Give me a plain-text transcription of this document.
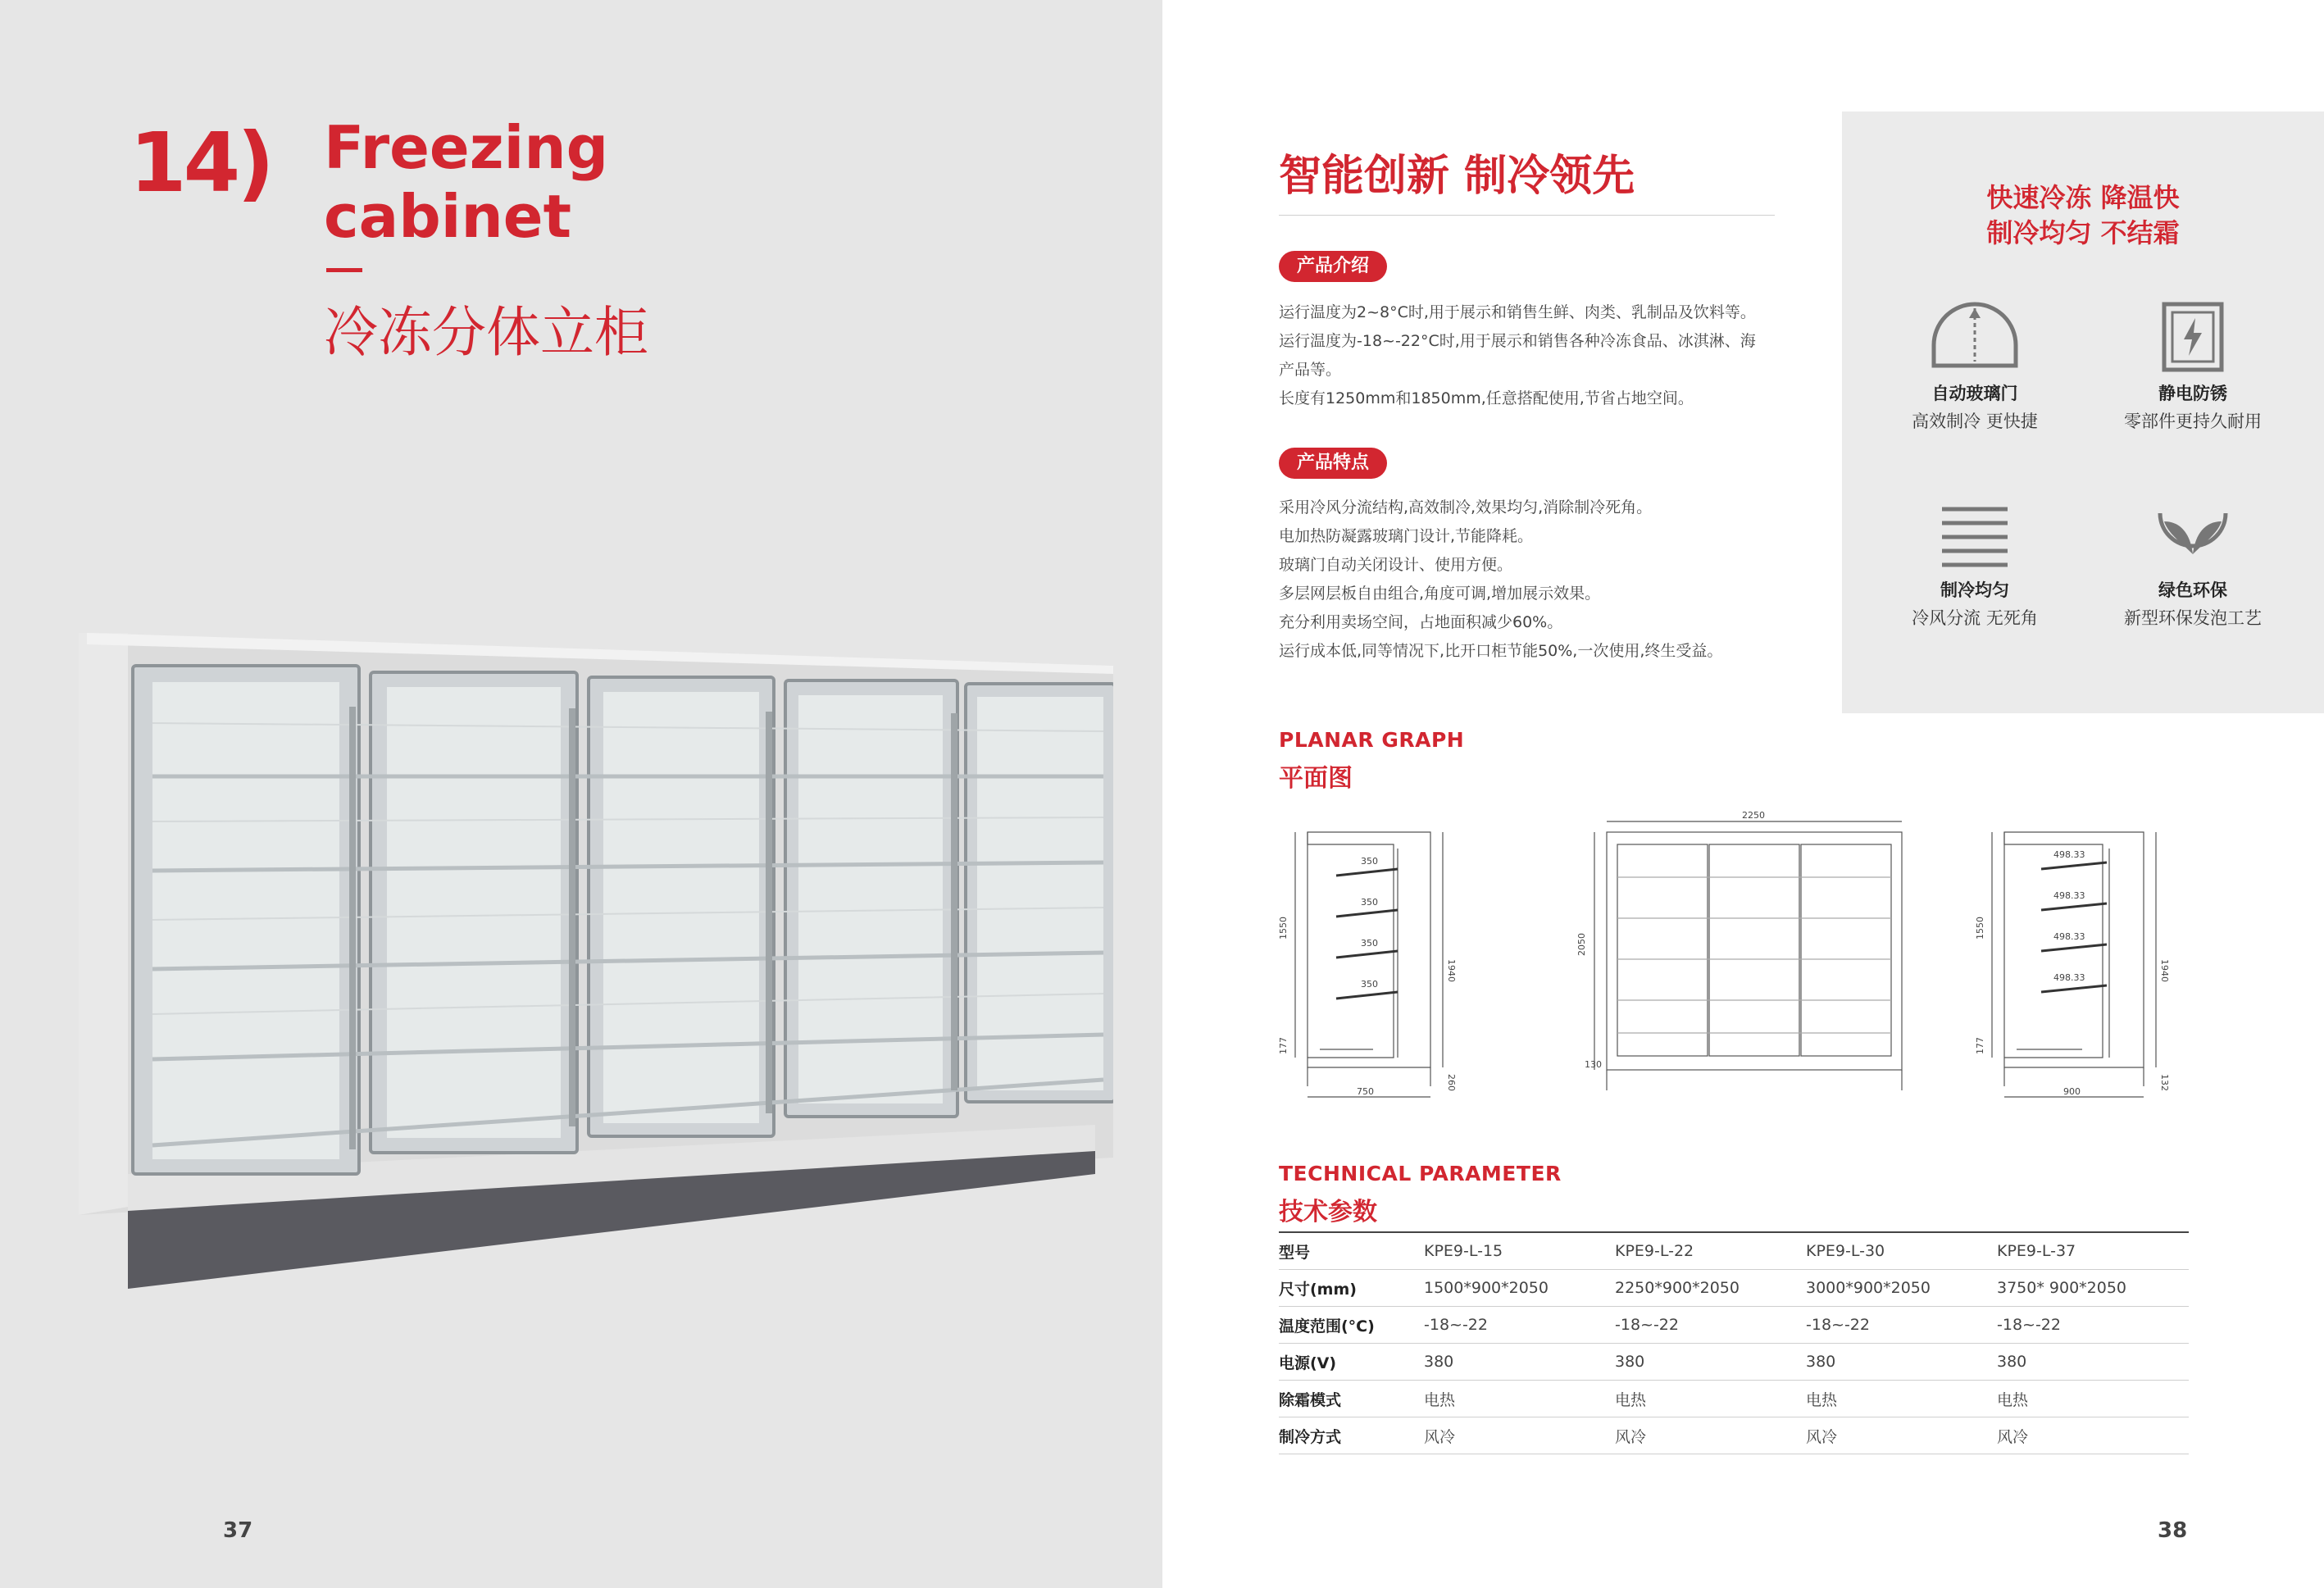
14) Freezing
cabinet
冷冻分体立柜
37
智能创新 制冷领先
产品介绍

运行温度为2~8°C时,用于展示和销售生鲜、肉类、乳制品及饮料等。

运行温度为-18~-22°C时,用于展示和销售各种冷冻食品、冰淇淋、海

产品等。

长度有1250mm和1850mm,任意搭配使用,节省占地空间。

产品特点

采用冷风分流结构,高效制冷,效果均匀,消除制冷死角。

电加热防凝露玻璃门设计,节能降耗。

玻璃门自动关闭设计、使用方便。

多层网层板自由组合,角度可调,增加展示效果。

充分利用卖场空间，占地面积减少60%。

运行成本低,同等情况下,比开口柜节能50%,一次使用,终生受益。

快速冷冻 降温快
制冷均匀 不结霜
自动玻璃门
高效制冷 更快捷
静电防锈
零部件更持久耐用
制冷均匀
冷风分流 无死角
绿色环保
新型环保发泡工艺
PLANAR GRAPH
平面图
350
350
350
350
1550
177
1940
260
750
2250
2050
130
498.33
498.33
498.33
498.33
1550
177
1940
132
900
TECHNICAL PARAMETER
技术参数
型号	KPE9-L-15	KPE9-L-22	KPE9-L-30	KPE9-L-37
尺寸(mm)	1500*900*2050	2250*900*2050	3000*900*2050	3750* 900*2050
温度范围(°C)	-18~-22	-18~-22	-18~-22	-18~-22
电源(V)	380	380	380	380
除霜模式	电热	电热	电热	电热
制冷方式	风冷	风冷	风冷	风冷
38
